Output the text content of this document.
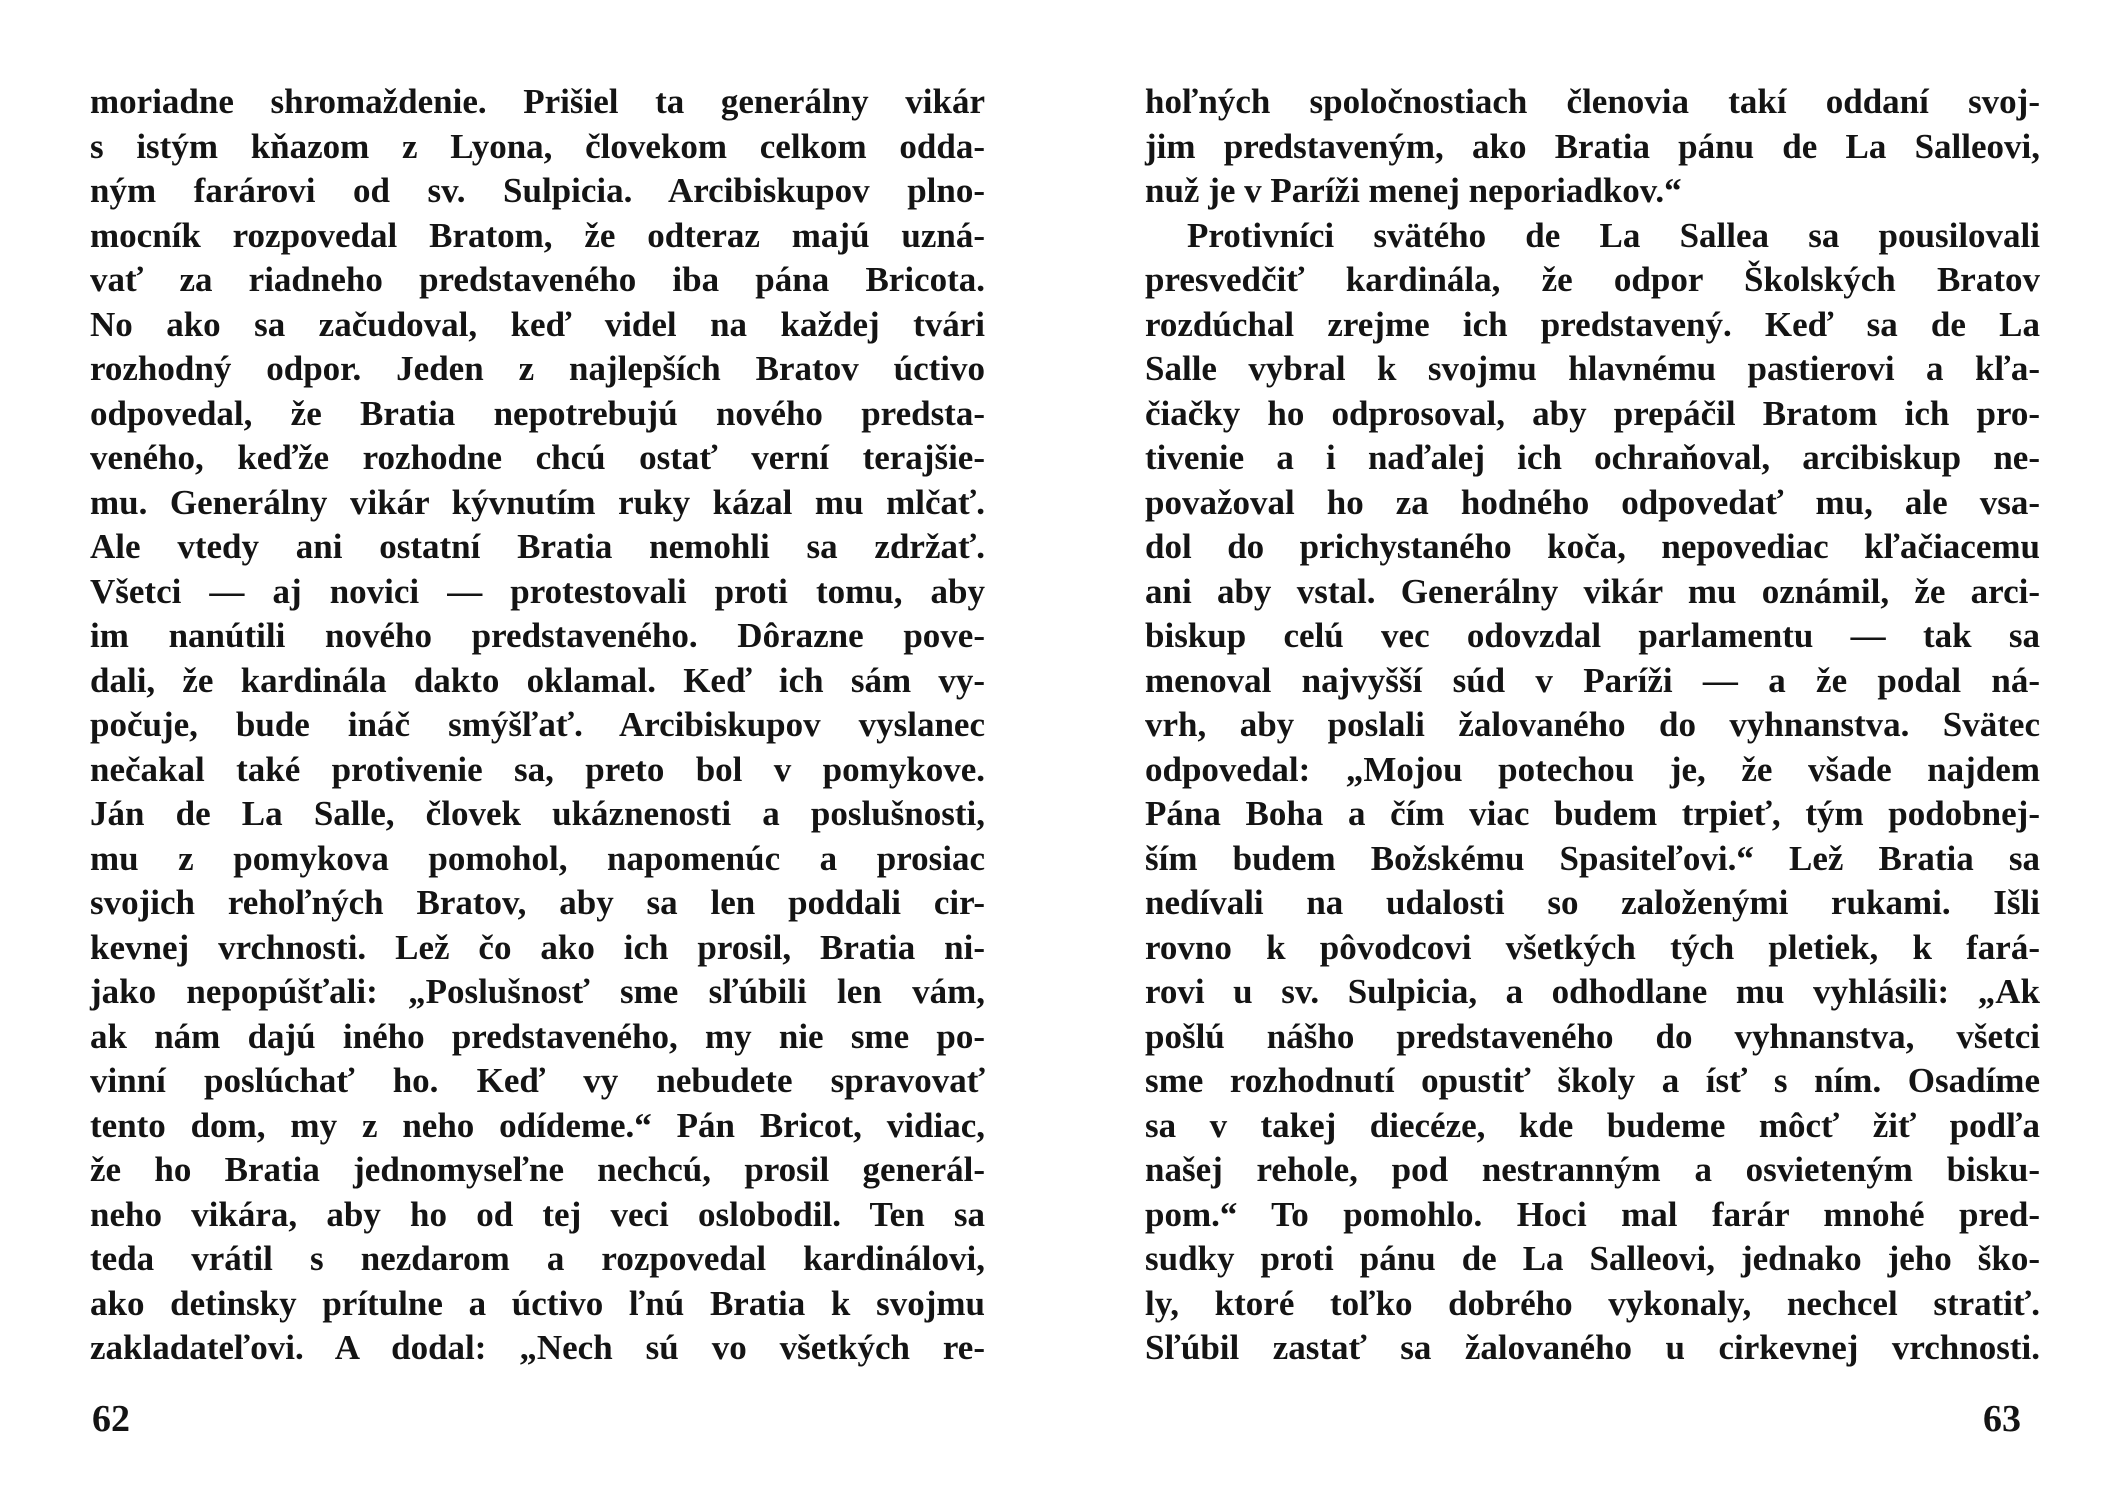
moriadne shromaždenie. Prišiel ta generálny vikár
s istým kňazom z Lyona, človekom celkom odda-
ným farárovi od sv. Sulpicia. Arcibiskupov plno-
mocník rozpovedal Bratom, že odteraz majú uzná-
vať za riadneho predstaveného iba pána Bricota.
No ako sa začudoval, keď videl na každej tvári
rozhodný odpor. Jeden z najlepších Bratov úctivo
odpovedal, že Bratia nepotrebujú nového predsta-
veného, keďže rozhodne chcú ostať verní terajšie-
mu. Generálny vikár kývnutím ruky kázal mu mlčať.
Ale vtedy ani ostatní Bratia nemohli sa zdržať.
Všetci — aj novici — protestovali proti tomu, aby
im nanútili nového predstaveného. Dôrazne pove-
dali, že kardinála dakto oklamal. Keď ich sám vy-
počuje, bude ináč smýšľať. Arcibiskupov vyslanec
nečakal také protivenie sa, preto bol v pomykove.
Ján de La Salle, človek ukáznenosti a poslušnosti,
mu z pomykova pomohol, napomenúc a prosiac
svojich rehoľných Bratov, aby sa len poddali cir-
kevnej vrchnosti. Lež čo ako ich prosil, Bratia ni-
jako nepopúšťali: „Poslušnosť sme sľúbili len vám,
ak nám dajú iného predstaveného, my nie sme po-
vinní poslúchať ho. Keď vy nebudete spravovať
tento dom, my z neho odídeme.“ Pán Bricot, vidiac,
že ho Bratia jednomyseľne nechcú, prosil generál-
neho vikára, aby ho od tej veci oslobodil. Ten sa
teda vrátil s nezdarom a rozpovedal kardinálovi,
ako detinsky prítulne a úctivo ľnú Bratia k svojmu
zakladateľovi. A dodal: „Nech sú vo všetkých re-
62
hoľných spoločnostiach členovia takí oddaní svoj-
jim predstaveným, ako Bratia pánu de La Salleovi,
nuž je v Paríži menej neporiadkov.“
Protivníci svätého de La Sallea sa pousilovali
presvedčiť kardinála, že odpor Školských Bratov
rozdúchal zrejme ich predstavený. Keď sa de La
Salle vybral k svojmu hlavnému pastierovi a kľa-
čiačky ho odprosoval, aby prepáčil Bratom ich pro-
tivenie a i naďalej ich ochraňoval, arcibiskup ne-
považoval ho za hodného odpovedať mu, ale vsa-
dol do prichystaného koča, nepovediac kľačiacemu
ani aby vstal. Generálny vikár mu oznámil, že arci-
biskup celú vec odovzdal parlamentu — tak sa
menoval najvyšší súd v Paríži — a že podal ná-
vrh, aby poslali žalovaného do vyhnanstva. Svätec
odpovedal: „Mojou potechou je, že všade najdem
Pána Boha a čím viac budem trpieť, tým podobnej-
ším budem Božskému Spasiteľovi.“ Lež Bratia sa
nedívali na udalosti so založenými rukami. Išli
rovno k pôvodcovi všetkých tých pletiek, k fará-
rovi u sv. Sulpicia, a odhodlane mu vyhlásili: „Ak
pošlú nášho predstaveného do vyhnanstva, všetci
sme rozhodnutí opustiť školy a ísť s ním. Osadíme
sa v takej diecéze, kde budeme môcť žiť podľa
našej rehole, pod nestranným a osvieteným bisku-
pom.“ To pomohlo. Hoci mal farár mnohé pred-
sudky proti pánu de La Salleovi, jednako jeho ško-
ly, ktoré toľko dobrého vykonaly, nechcel stratiť.
Sľúbil zastať sa žalovaného u cirkevnej vrchnosti.
63
